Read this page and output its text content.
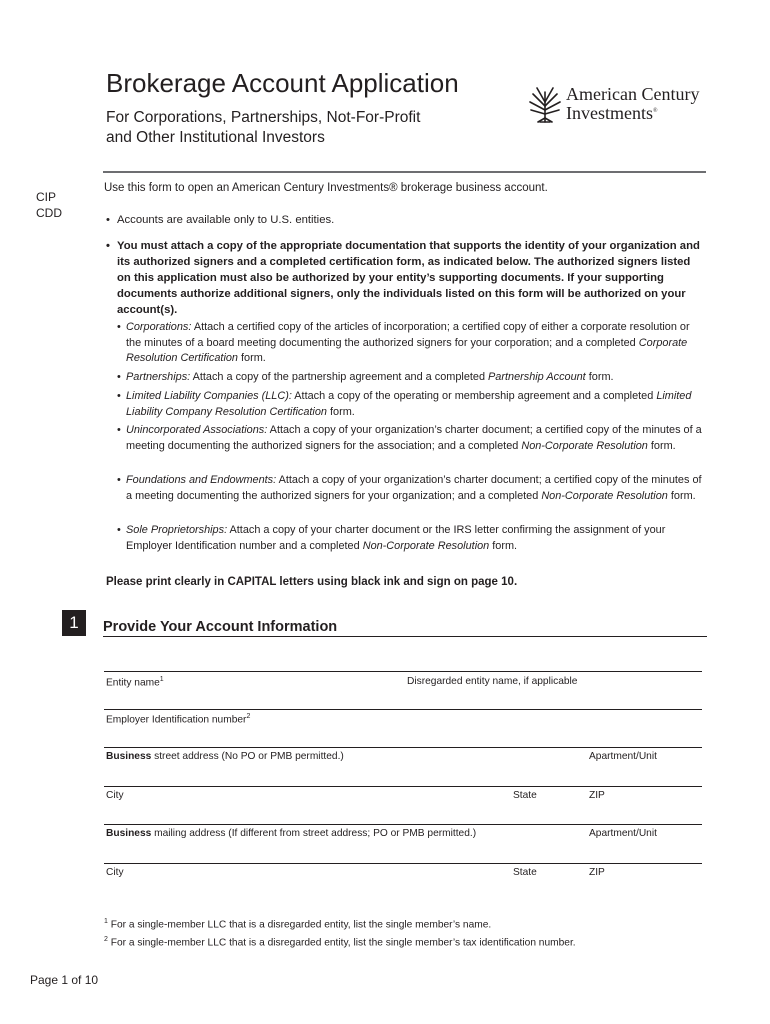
Brokerage Account Application
For Corporations, Partnerships, Not-For-Profit
and Other Institutional Investors
American Century
Investments®
CIP
CDD
Use this form to open an American Century Investments® brokerage business account.
• Accounts are available only to U.S. entities.
• You must attach a copy of the appropriate documentation that supports the identity of your organization and its authorized signers and a completed certification form, as indicated below. The authorized signers listed on this application must also be authorized by your entity’s supporting documents. If your supporting documents authorize additional signers, only the individuals listed on this form will be authorized on your account(s).
• Corporations: Attach a certified copy of the articles of incorporation; a certified copy of either a corporate resolution or the minutes of a board meeting documenting the authorized signers for your corporation; and a completed Corporate Resolution Certification form.
• Partnerships: Attach a copy of the partnership agreement and a completed Partnership Account form.
• Limited Liability Companies (LLC): Attach a copy of the operating or membership agreement and a completed Limited Liability Company Resolution Certification form.
• Unincorporated Associations: Attach a copy of your organization’s charter document; a certified copy of the minutes of a meeting documenting the authorized signers for the association; and a completed Non-Corporate Resolution form.
• Foundations and Endowments: Attach a copy of your organization’s charter document; a certified copy of the minutes of a meeting documenting the authorized signers for your organization; and a completed Non-Corporate Resolution form.
• Sole Proprietorships: Attach a copy of your charter document or the IRS letter confirming the assignment of your Employer Identification number and a completed Non-Corporate Resolution form.
Please print clearly in CAPITAL letters using black ink and sign on page 10.
1	Provide Your Account Information
Entity name$^1$	Disregarded entity name, if applicable
Employer Identification number$^2$
Business street address (No PO or PMB permitted.)	Apartment/Unit
City	State	ZIP
Business mailing address (If different from street address; PO or PMB permitted.)	Apartment/Unit
City	State	ZIP
$^1$ For a single-member LLC that is a disregarded entity, list the single member’s name.
$^2$ For a single-member LLC that is a disregarded entity, list the single member’s tax identification number.
Page 1 of 10
